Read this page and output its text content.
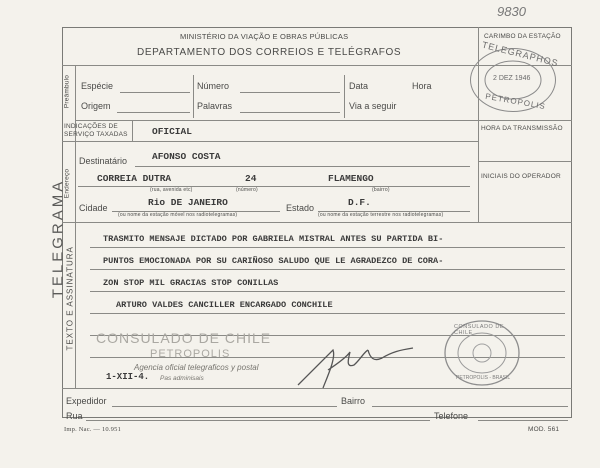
9830
MINISTÉRIO DA VIAÇÃO E OBRAS PÚBLICAS
DEPARTAMENTO DOS CORREIOS E TELÉGRAFOS
CARIMBO DA ESTAÇÃO
TELEGRAMA
Preâmbulo
Endereço
TEXTO E ASSINATURA
Espécie	Número	Data	Hora
Origem	Palavras	Via a seguir
TELEGRAPHOS
2 DEZ 1946
PETROPOLIS
INDICAÇÕES DE SERVIÇO TAXADAS	OFICIAL	HORA DA TRANSMISSÃO
INICIAIS DO OPERADOR
Destinatário	AFONSO COSTA
CORREIA DUTRA	24	FLAMENGO
(rua, avenida etc)	(número)	(bairro)
Cidade	Rio DE JANEIRO	Estado	D.F.
(ou nome da estação móvel nos radiotelegramas)	(ou nome da estação terrestre nos radiotelegramas)
TRASMITO MENSAJE DICTADO POR GABRIELA MISTRAL ANTES SU PARTIDA BI-
PUNTOS EMOCIONADA POR SU CARIÑOSO SALUDO QUE LE AGRADEZCO DE CORA-
ZON STOP MIL GRACIAS STOP CONILLAS
ARTURO VALDES CANCILLER ENCARGADO CONCHILE
CONSULADO DE CHILE
PETROPOLIS
Agencia oficial telegraficos y postal
Pas adminisais
1-XII-4.
CONSULADO DE CHILE
PETROPOLIS - BRASIL
Expedidor	Bairro
Rua	Telefone
Imp. Nac. — 10.951	MOD. 561
